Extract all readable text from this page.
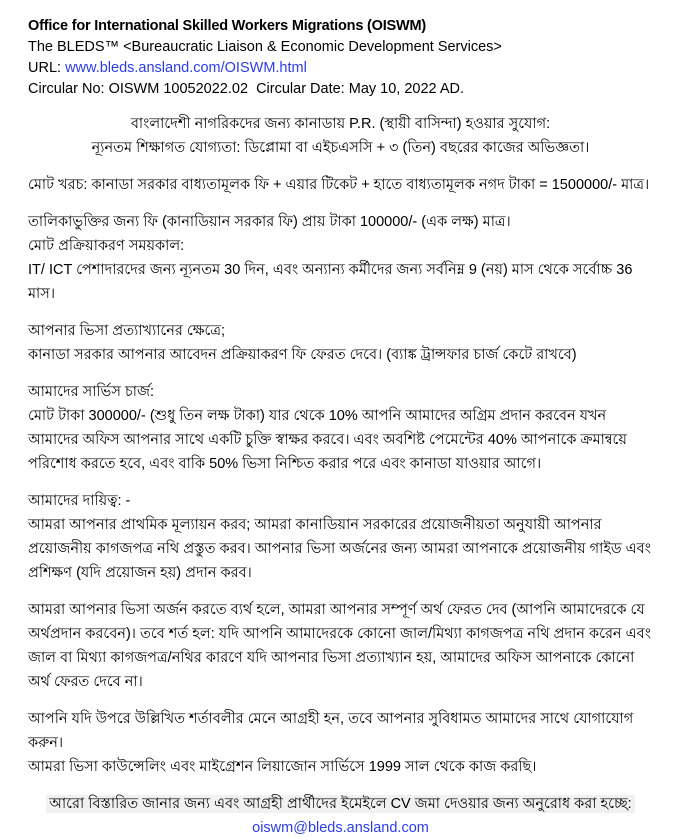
Office for International Skilled Workers Migrations (OISWM)

The BLEDS™ <Bureaucratic Liaison & Economic Development Services>

URL: www.bleds.ansland.com/OISWM.html

Circular No: OISWM 10052022.02  Circular Date: May 10, 2022 AD.

বাংলাদেশী নাগরিকদের জন্য কানাডায় P.R. (স্থায়ী বাসিন্দা) হওয়ার সুযোগ:

ন্যূনতম শিক্ষাগত যোগ্যতা: ডিপ্লোমা বা এইচএসসি + ৩ (তিন) বছরের কাজের অভিজ্ঞতা।

মোট খরচ: কানাডা সরকার বাধ্যতামূলক ফি + এয়ার টিকেট + হাতে বাধ্যতামূলক নগদ টাকা = 1500000/- মাত্র।

তালিকাভুক্তির জন্য ফি (কানাডিয়ান সরকার ফি) প্রায় টাকা 100000/- (এক লক্ষ) মাত্র।

মোট প্রক্রিয়াকরণ সময়কাল:

IT/ ICT পেশাদারদের জন্য ন্যূনতম 30 দিন, এবং অন্যান্য কর্মীদের জন্য সর্বনিম্ন 9 (নয়) মাস থেকে সর্বোচ্চ 36 মাস।

আপনার ভিসা প্রত্যাখ্যানের ক্ষেত্রে;

কানাডা সরকার আপনার আবেদন প্রক্রিয়াকরণ ফি ফেরত দেবে। (ব্যাঙ্ক ট্রান্সফার চার্জ কেটে রাখবে)

আমাদের সার্ভিস চার্জ:

মোট টাকা 300000/- (শুধু তিন লক্ষ টাকা) যার থেকে 10% আপনি আমাদের অগ্রিম প্রদান করবেন যখন আমাদের অফিস আপনার সাথে একটি চুক্তি স্বাক্ষর করবে। এবং অবশিষ্ট পেমেন্টের 40% আপনাকে ক্রমান্বয়ে পরিশোধ করতে হবে, এবং বাকি 50% ভিসা নিশ্চিত করার পরে এবং কানাডা যাওয়ার আগে।

আমাদের দায়িত্ব: -

আমরা আপনার প্রাথমিক মূল্যায়ন করব; আমরা কানাডিয়ান সরকারের প্রয়োজনীয়তা অনুযায়ী আপনার প্রয়োজনীয় কাগজপত্র নথি প্রস্তুত করব। আপনার ভিসা অর্জনের জন্য আমরা আপনাকে প্রয়োজনীয় গাইড এবং প্রশিক্ষণ (যদি প্রয়োজন হয়) প্রদান করব।

আমরা আপনার ভিসা অর্জন করতে ব্যর্থ হলে, আমরা আপনার সম্পূর্ণ অর্থ ফেরত দেব (আপনি আমাদেরকে যে অর্থপ্রদান করবেন)। তবে শর্ত হল: যদি আপনি আমাদেরকে কোনো জাল/মিথ্যা কাগজপত্র নথি প্রদান করেন এবং জাল বা মিথ্যা কাগজপত্র/নথির কারণে যদি আপনার ভিসা প্রত্যাখ্যান হয়, আমাদের অফিস আপনাকে কোনো অর্থ ফেরত দেবে না।

আপনি যদি উপরে উল্লিখিত শর্তাবলীর মেনে আগ্রহী হন, তবে আপনার সুবিধামত আমাদের সাথে যোগাযোগ করুন।

আমরা ভিসা কাউন্সেলিং এবং মাইগ্রেশন লিয়াজোন সার্ভিসে 1999 সাল থেকে কাজ করছি।

আরো বিস্তারিত জানার জন্য এবং আগ্রহী প্রার্থীদের ইমেইলে CV জমা দেওয়ার জন্য অনুরোধ করা হচ্ছে:

oiswm@bleds.ansland.com
